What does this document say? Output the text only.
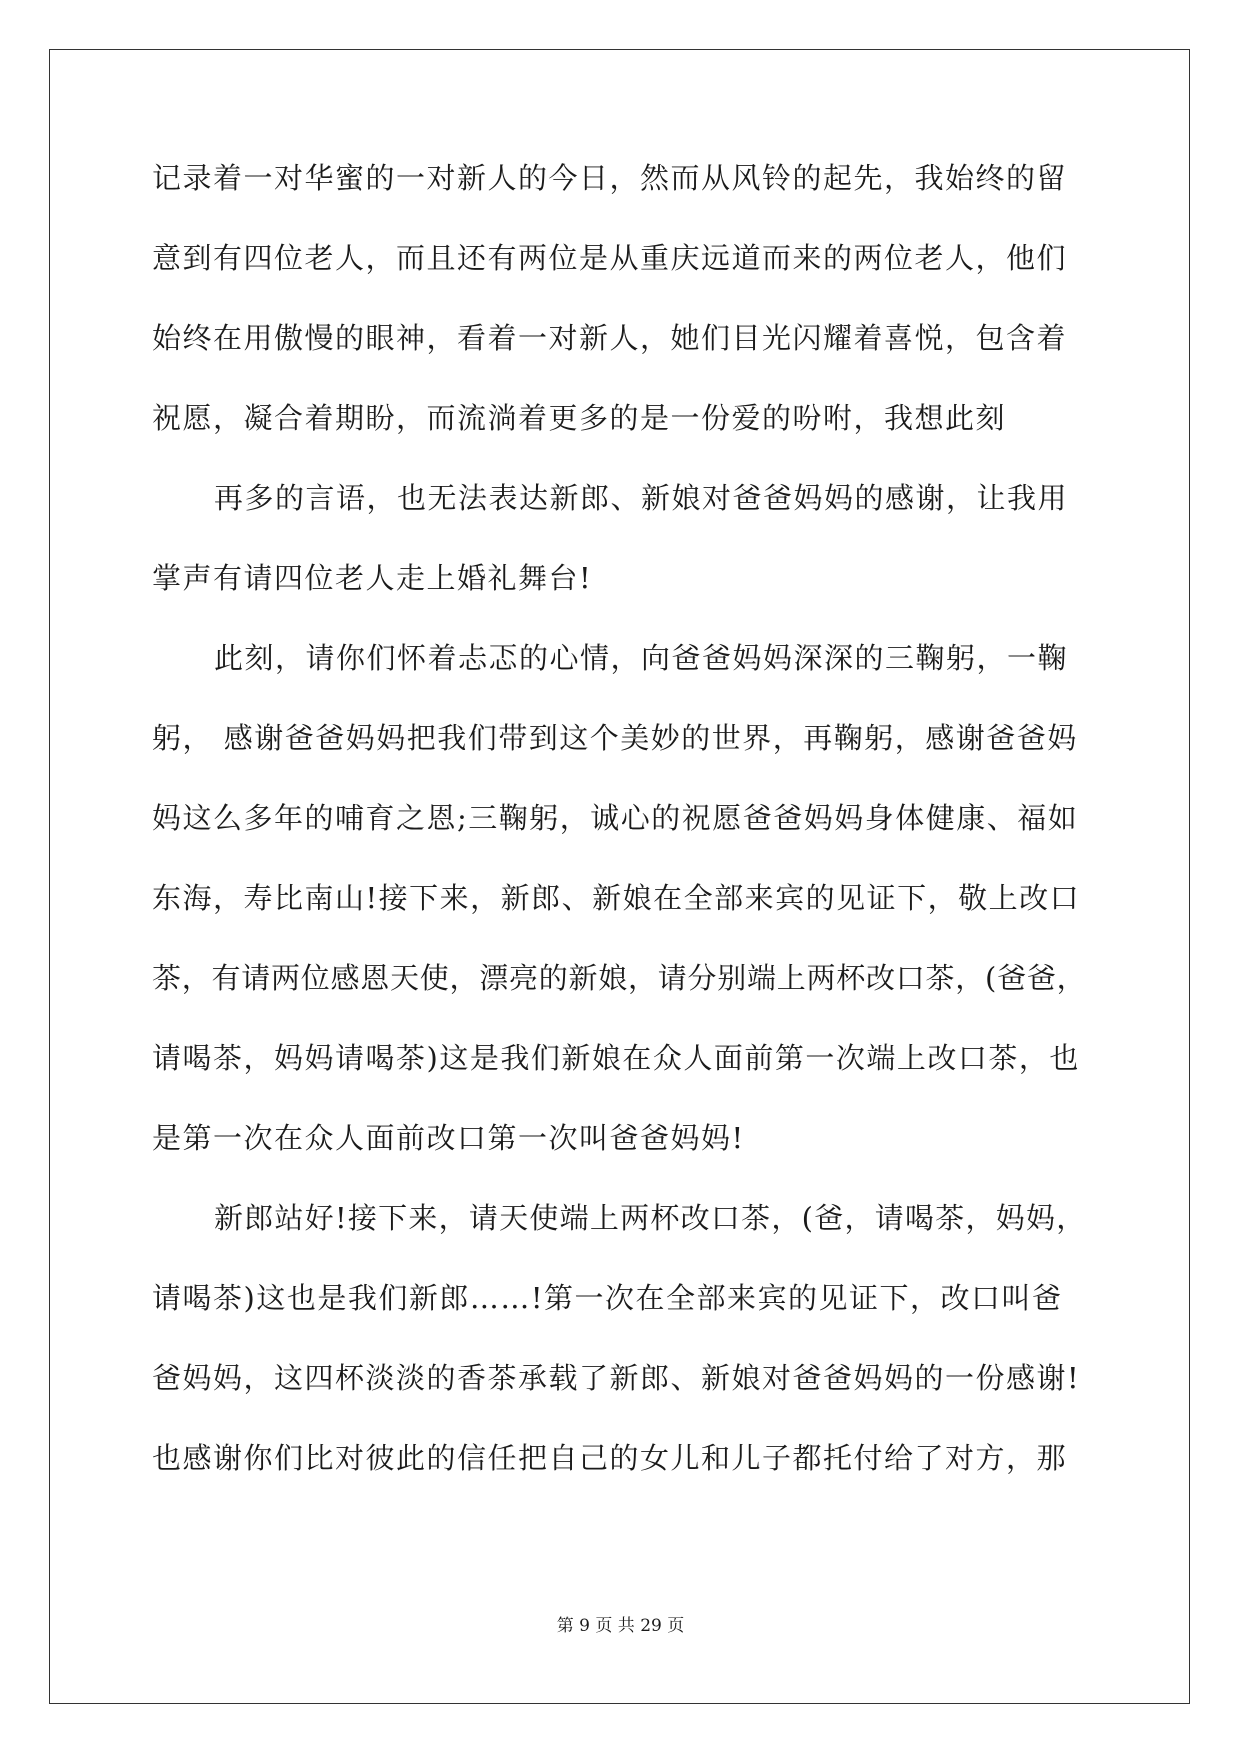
记录着一对华蜜的一对新人的今日，然而从风铃的起先，我始终的留
意到有四位老人，而且还有两位是从重庆远道而来的两位老人，他们
始终在用傲慢的眼神，看着一对新人，她们目光闪耀着喜悦，包含着
祝愿，凝合着期盼，而流淌着更多的是一份爱的吩咐，我想此刻
再多的言语，也无法表达新郎、新娘对爸爸妈妈的感谢，让我用
掌声有请四位老人走上婚礼舞台!
此刻，请你们怀着忐忑的心情，向爸爸妈妈深深的三鞠躬，一鞠
躬， 感谢爸爸妈妈把我们带到这个美妙的世界，再鞠躬，感谢爸爸妈
妈这么多年的哺育之恩;三鞠躬，诚心的祝愿爸爸妈妈身体健康、福如
东海，寿比南山!接下来，新郎、新娘在全部来宾的见证下，敬上改口
茶，有请两位感恩天使，漂亮的新娘，请分别端上两杯改口茶，(爸爸，
请喝茶，妈妈请喝茶)这是我们新娘在众人面前第一次端上改口茶，也
是第一次在众人面前改口第一次叫爸爸妈妈!
新郎站好!接下来，请天使端上两杯改口茶，(爸，请喝茶，妈妈，
请喝茶)这也是我们新郎……!第一次在全部来宾的见证下，改口叫爸
爸妈妈，这四杯淡淡的香茶承载了新郎、新娘对爸爸妈妈的一份感谢!
也感谢你们比对彼此的信任把自己的女儿和儿子都托付给了对方，那
第 9 页 共 29 页
